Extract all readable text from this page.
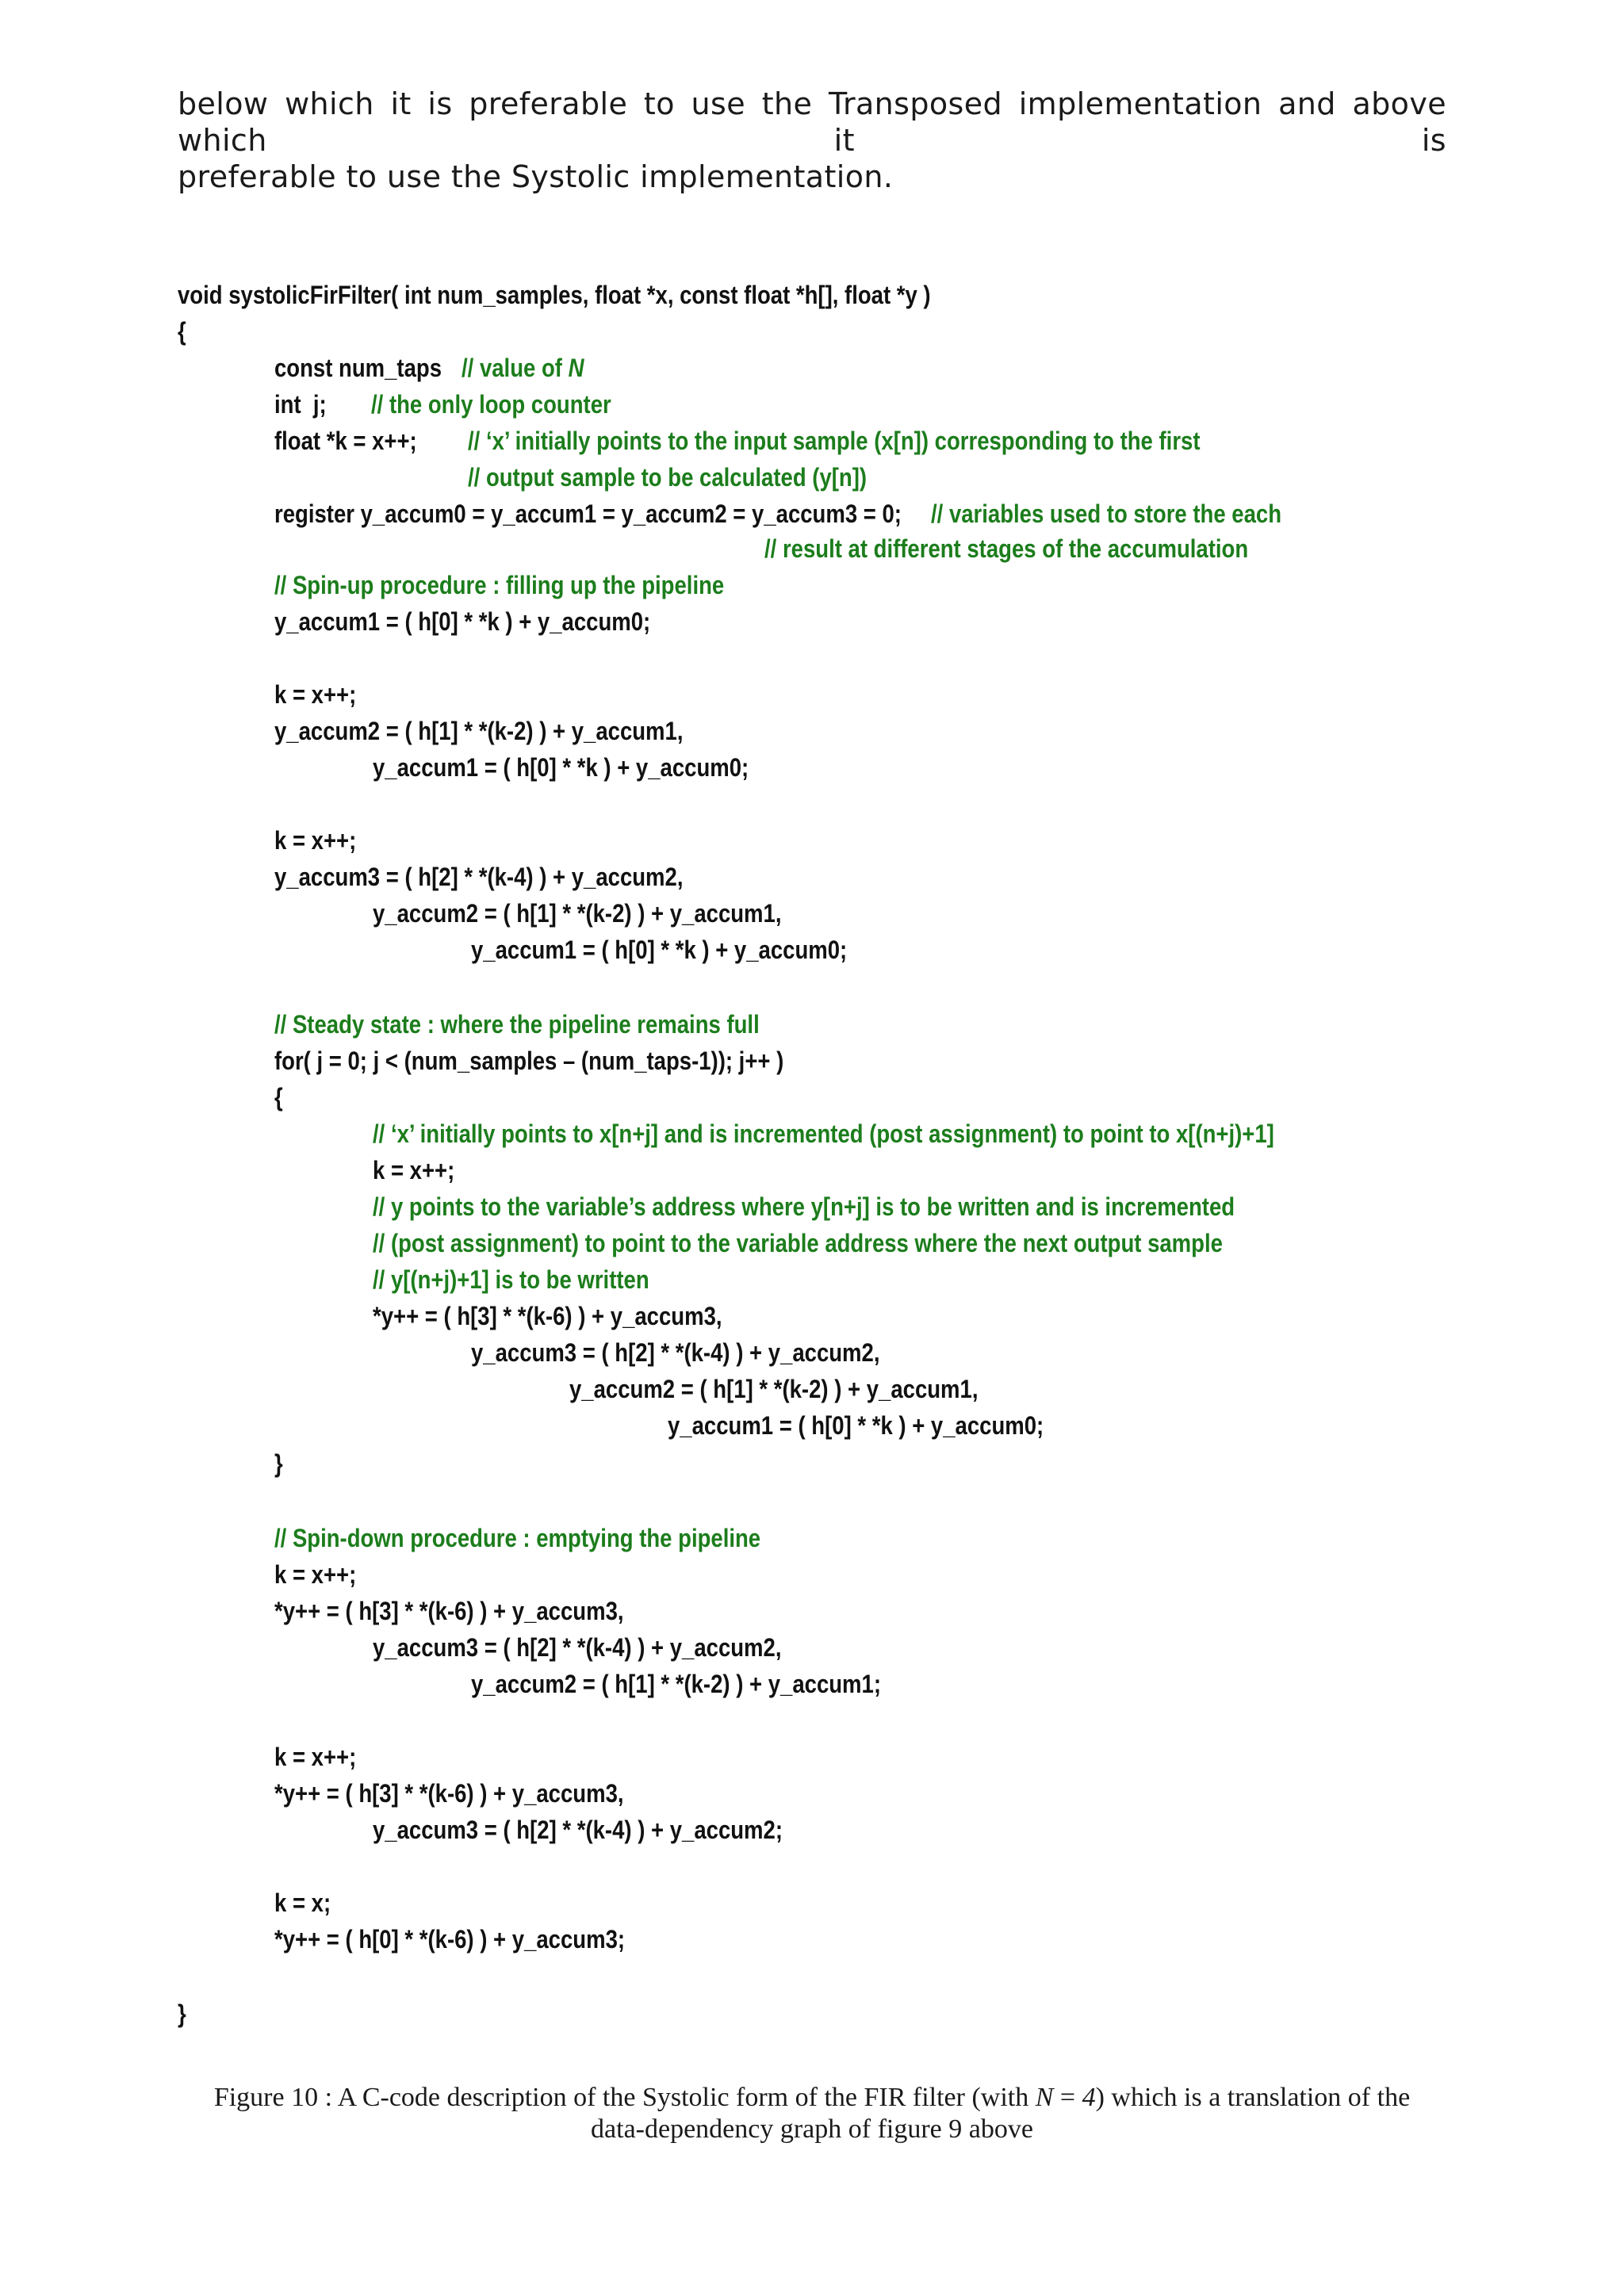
below which it is preferable to use the Transposed implementation and above which it is
preferable to use the Systolic implementation.
void systolicFirFilter( int num_samples, float *x, const float *h[], float *y )
{
const num_taps // value of N
int  j; // the only loop counter
float *k = x++; // ‘x’ initially points to the input sample (x[n]) corresponding to the first
// output sample to be calculated (y[n])
register y_accum0 = y_accum1 = y_accum2 = y_accum3 = 0; // variables used to store the each
// result at different stages of the accumulation
// Spin-up procedure : filling up the pipeline
y_accum1 = ( h[0] * *k ) + y_accum0;
k = x++;
y_accum2 = ( h[1] * *(k-2) ) + y_accum1,
y_accum1 = ( h[0] * *k ) + y_accum0;
k = x++;
y_accum3 = ( h[2] * *(k-4) ) + y_accum2,
y_accum2 = ( h[1] * *(k-2) ) + y_accum1,
y_accum1 = ( h[0] * *k ) + y_accum0;
// Steady state : where the pipeline remains full
for( j = 0; j < (num_samples – (num_taps-1)); j++ )
{
// ‘x’ initially points to x[n+j] and is incremented (post assignment) to point to x[(n+j)+1]
k = x++;
// y points to the variable’s address where y[n+j] is to be written and is incremented
// (post assignment) to point to the variable address where the next output sample
// y[(n+j)+1] is to be written
*y++ = ( h[3] * *(k-6) ) + y_accum3,
y_accum3 = ( h[2] * *(k-4) ) + y_accum2,
y_accum2 = ( h[1] * *(k-2) ) + y_accum1,
y_accum1 = ( h[0] * *k ) + y_accum0;
}
// Spin-down procedure : emptying the pipeline
k = x++;
*y++ = ( h[3] * *(k-6) ) + y_accum3,
y_accum3 = ( h[2] * *(k-4) ) + y_accum2,
y_accum2 = ( h[1] * *(k-2) ) + y_accum1;
k = x++;
*y++ = ( h[3] * *(k-6) ) + y_accum3,
y_accum3 = ( h[2] * *(k-4) ) + y_accum2;
k = x;
*y++ = ( h[0] * *(k-6) ) + y_accum3;
}
Figure 10 : A C-code description of the Systolic form of the FIR filter (with N = 4) which is a translation of the
data-dependency graph of figure 9 above
